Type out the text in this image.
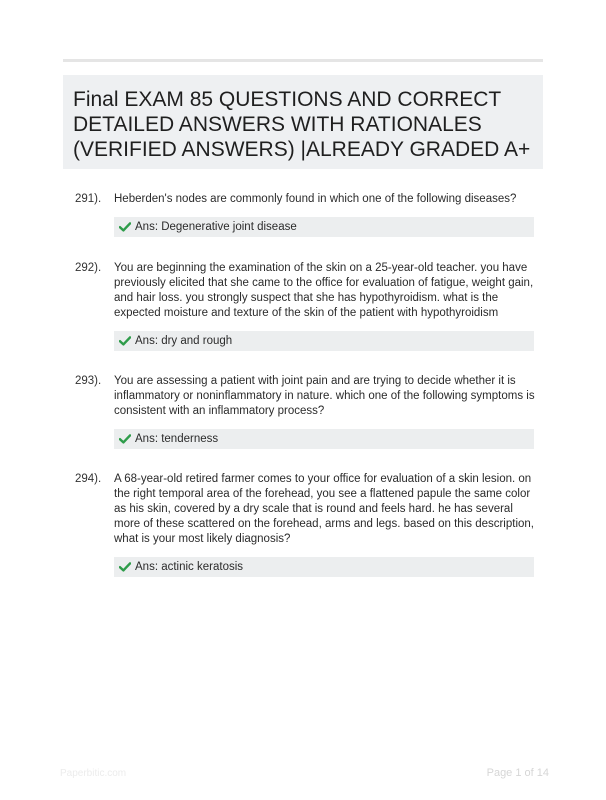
Final EXAM 85 QUESTIONS AND CORRECT
DETAILED ANSWERS WITH RATIONALES
(VERIFIED ANSWERS) |ALREADY GRADED A+
291). Heberden's nodes are commonly found in which one of the following diseases?
Ans: Degenerative joint disease
292). You are beginning the examination of the skin on a 25-year-old teacher. you have previously elicited that she came to the office for evaluation of fatigue, weight gain, and hair loss. you strongly suspect that she has hypothyroidism. what is the expected moisture and texture of the skin of the patient with hypothyroidism
Ans: dry and rough
293). You are assessing a patient with joint pain and are trying to decide whether it is inflammatory or noninflammatory in nature. which one of the following symptoms is consistent with an inflammatory process?
Ans: tenderness
294). A 68-year-old retired farmer comes to your office for evaluation of a skin lesion. on the right temporal area of the forehead, you see a flattened papule the same color as his skin, covered by a dry scale that is round and feels hard. he has several more of these scattered on the forehead, arms and legs. based on this description, what is your most likely diagnosis?
Ans: actinic keratosis
Paperbitic.com	Page 1 of 14
